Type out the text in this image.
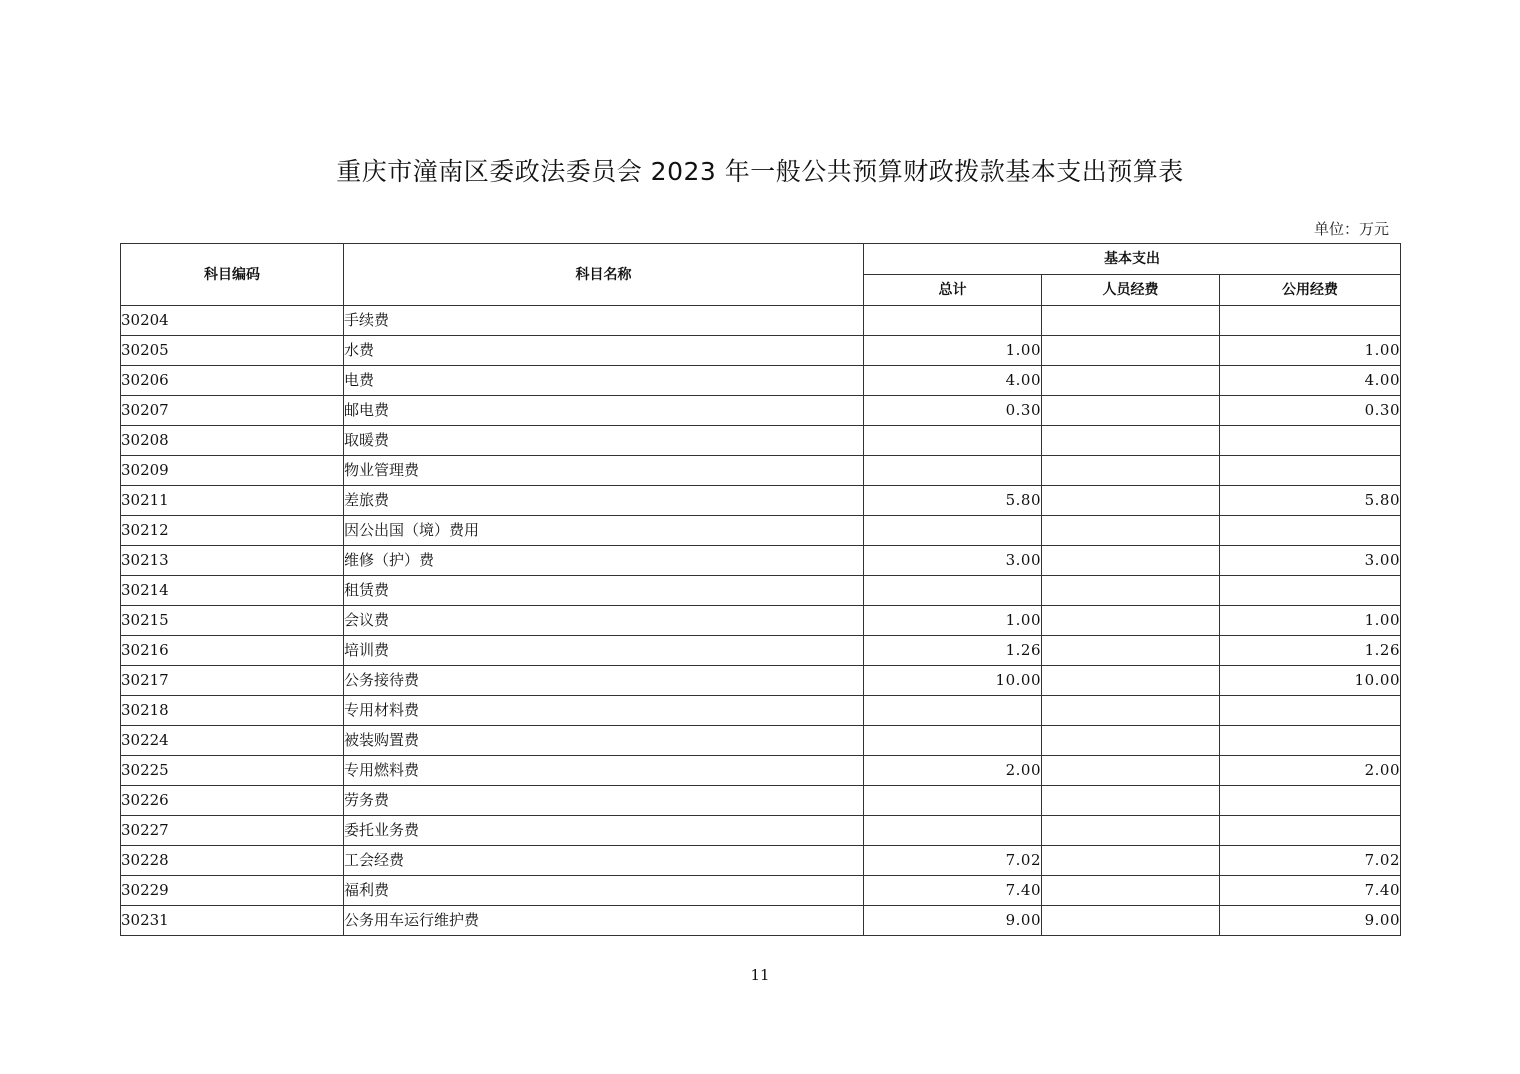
重庆市潼南区委政法委员会 2023 年一般公共预算财政拨款基本支出预算表
单位：万元
科目编码	科目名称	基本支出		
		总计	人员经费	公用经费
30204	手续费			
30205	水费	1.00		1.00
30206	电费	4.00		4.00
30207	邮电费	0.30		0.30
30208	取暖费			
30209	物业管理费			
30211	差旅费	5.80		5.80
30212	因公出国（境）费用			
30213	维修（护）费	3.00		3.00
30214	租赁费			
30215	会议费	1.00		1.00
30216	培训费	1.26		1.26
30217	公务接待费	10.00		10.00
30218	专用材料费			
30224	被装购置费			
30225	专用燃料费	2.00		2.00
30226	劳务费			
30227	委托业务费			
30228	工会经费	7.02		7.02
30229	福利费	7.40		7.40
30231	公务用车运行维护费	9.00		9.00
11
